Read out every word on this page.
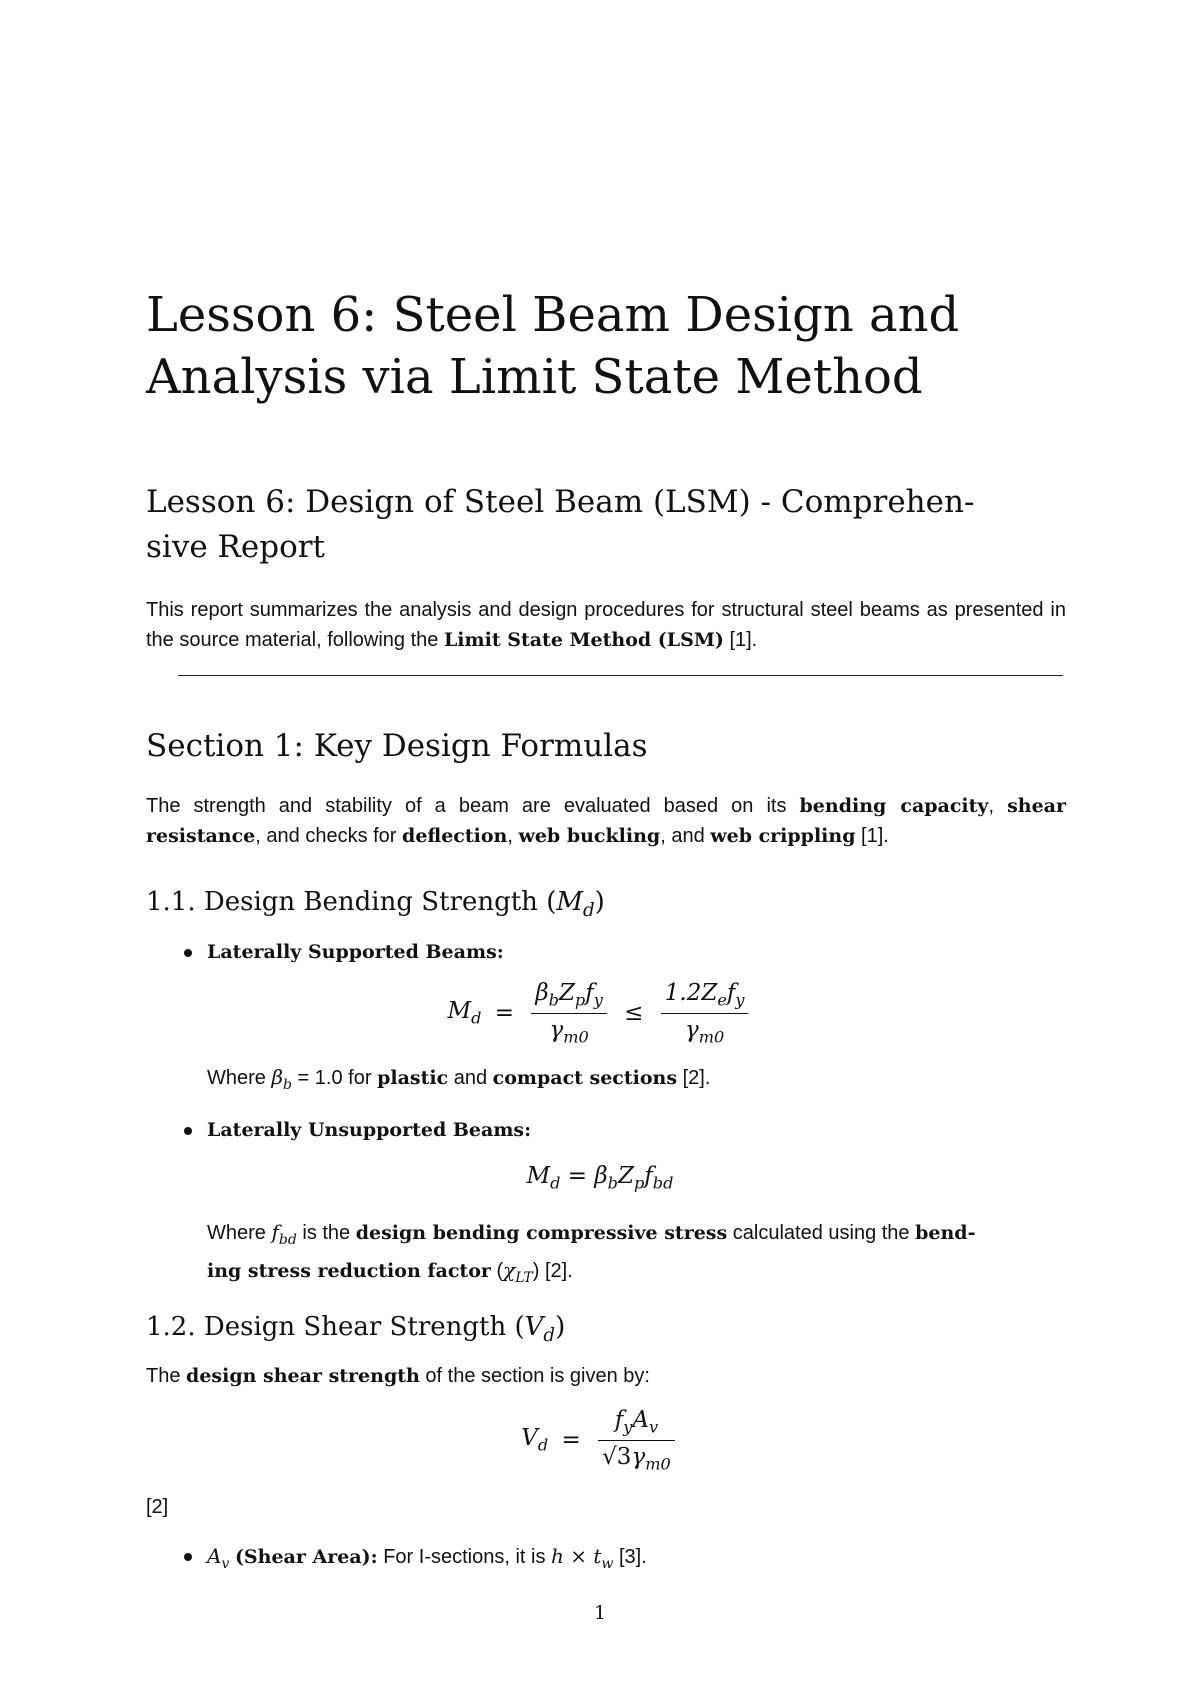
Lesson 6: Steel Beam Design and
Analysis via Limit State Method
Lesson 6: Design of Steel Beam (LSM) - Comprehen-
sive Report

This report summarizes the analysis and design procedures for structural steel beams as presented in the source material, following the Limit State Method (LSM) [1].

Section 1: Key Design Formulas

The strength and stability of a beam are evaluated based on its bending capacity, shear resistance, and checks for deflection, web buckling, and web crippling [1].

1.1. Design Bending Strength $(M_d)$

Laterally Supported Beams:

$M_d = \frac{\beta_bZ_pf_y}{\gamma_{m0}} \le \frac{1.2Z_ef_y}{\gamma_{m0}}$

Where $\beta_b = 1.0$ for plastic and compact sections [2].

Laterally Unsupported Beams:

$M_d = \beta_bZ_pf_{bd}$

Where $f_{bd}$ is the design bending compressive stress calculated using the bend-
ing stress reduction factor $(\chi_{LT})$ [2].

1.2. Design Shear Strength $(V_d)$

The design shear strength of the section is given by:

$V_d = \frac{f_yA_v}{√3\gamma_{m0}}$

[2]

$A_v$ (Shear Area): For I-sections, it is $h \times t_w$ [3].

1
